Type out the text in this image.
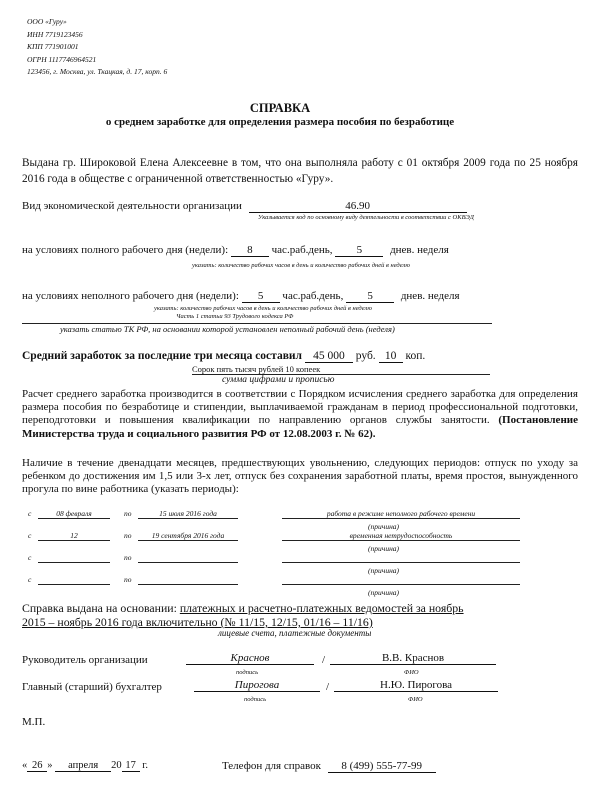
ООО «Гуру»
ИНН 7719123456
КПП 771901001
ОГРН 1117746964521
123456, г. Москва, ул. Ткацкая, д. 17, корп. 6
СПРАВКА
о среднем заработке для определения размера пособия по безработице
Выдана гр. Широковой Елена Алексеевне в том, что она выполняла работу с 01 октября 2009 года по 25 ноября 2016 года в обществе с ограниченной ответственностью «Гуру».
Вид экономической деятельности организации	46.90
Указывается код по основному виду деятельности в соответствии с ОКВЭД
на условиях полного рабочего дня (недели): 8 час.раб.день, 5	днев. неделя
указать: количество рабочих часов в день и количество рабочих дней в неделю
на условиях неполного рабочего дня (недели): 5 час.раб.день, 5	днев. неделя
указать: количество рабочих часов в день и количество рабочих дней в неделю
Часть 1 статьи 93 Трудового кодекса РФ
указать статью ТК РФ, на основании которой установлен неполный рабочий день (неделя)
Средний заработок за последние три месяца составил 45 000 руб. 10 коп.
Сорок пять тысяч рублей 10 копеек
сумма цифрами и прописью
Расчет среднего заработка производится в соответствии с Порядком исчисления среднего заработка для определения размера пособия по безработице и стипендии, выплачиваемой гражданам в период профессиональной подготовки, переподготовки и повышения квалификации по направлению органов службы занятости. (Постановление Министерства труда и социального развития РФ от 12.08.2003 г. № 62).
Наличие в течение двенадцати месяцев, предшествующих увольнению, следующих периодов: отпуск по уходу за ребенком до достижения им 1,5 или 3-х лет, отпуск без сохранения заработной платы, время простоя, вынужденного прогула по вине работника (указать периоды):
с	08 февраля	по	15 июля 2016 года	работа в режиме неполного рабочего времени
(причина)
с	12	по	19 сентября 2016 года	временная нетрудоспособность
(причина)
с	по
(причина)
с	по
(причина)
Справка выдана на основании: платежных и расчетно-платежных ведомостей за ноябрь
2015 – ноябрь 2016 года включительно (№ 11/15, 12/15, 01/16 – 11/16)
лицевые счета, платежные документы
Руководитель организации	Краснов
подпись
/	В.В. Краснов
ФИО
Главный (старший) бухгалтер	Пирогова
подпись
/	Н.Ю. Пирогова
ФИО
М.П.
« 26 » апреля 20 17 г.	Телефон для справок 8 (499) 555-77-99
